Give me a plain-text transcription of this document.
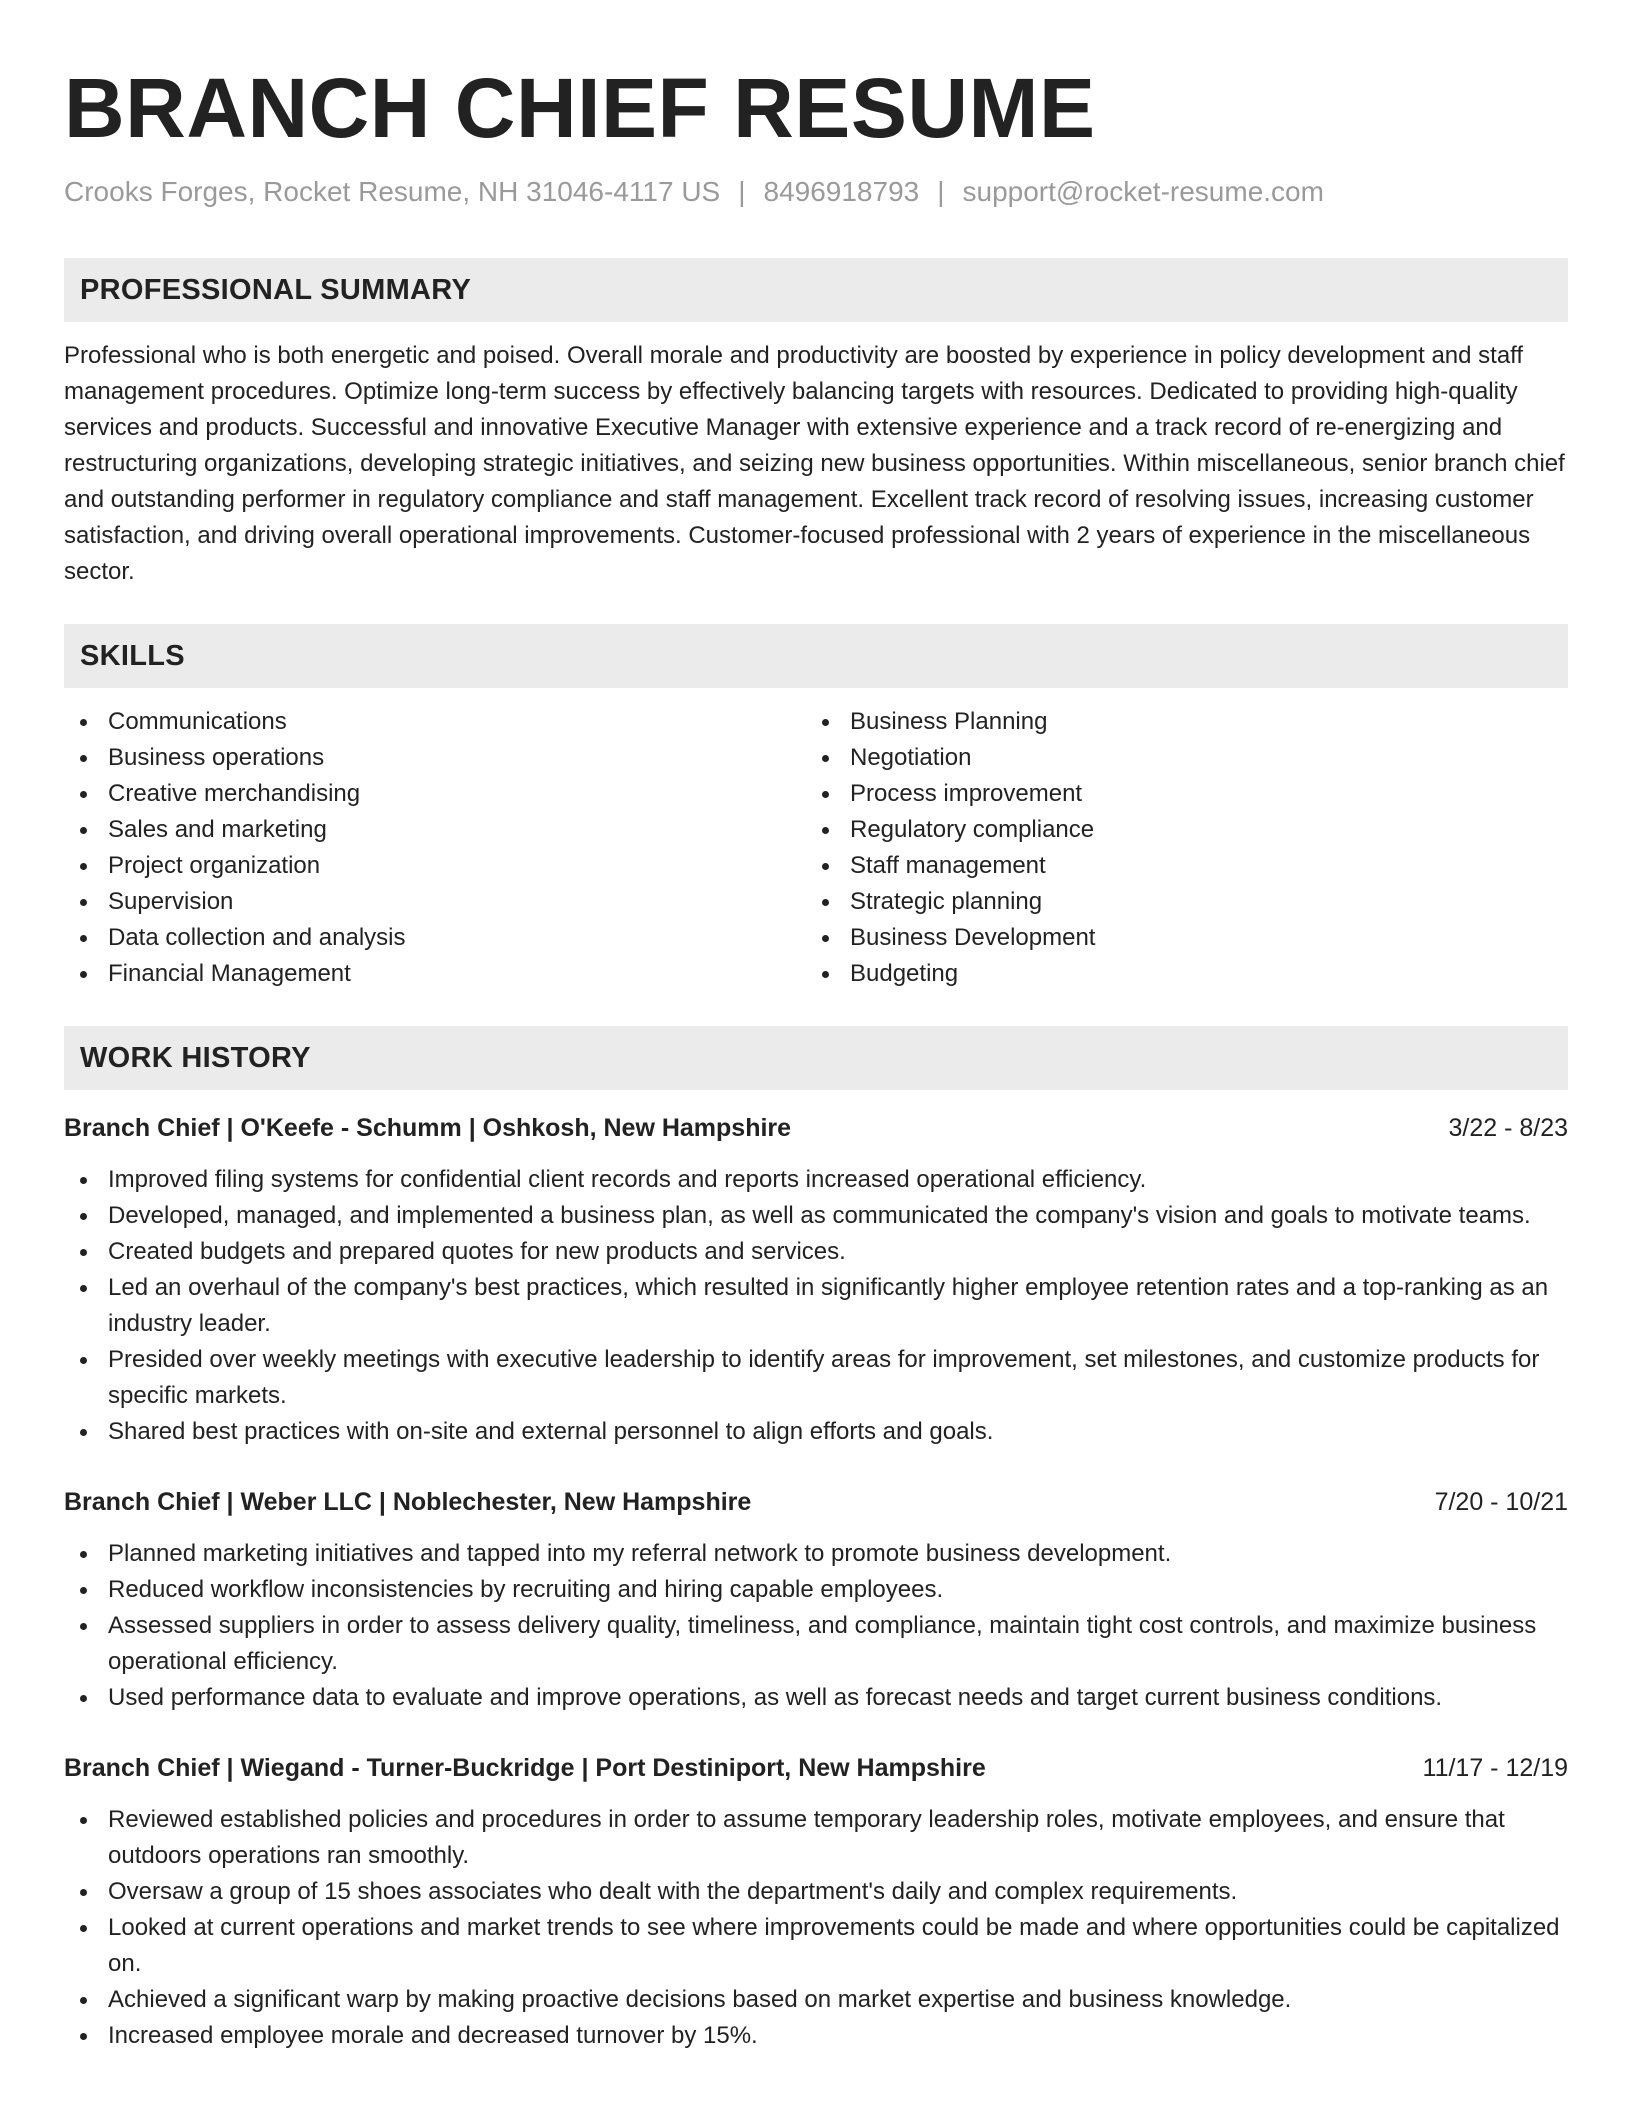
BRANCH CHIEF RESUME
Crooks Forges, Rocket Resume, NH 31046-4117 US | 8496918793 | support@rocket-resume.com
PROFESSIONAL SUMMARY

Professional who is both energetic and poised. Overall morale and productivity are boosted by experience in policy development and staff management procedures. Optimize long-term success by effectively balancing targets with resources. Dedicated to providing high-quality services and products. Successful and innovative Executive Manager with extensive experience and a track record of re-energizing and restructuring organizations, developing strategic initiatives, and seizing new business opportunities. Within miscellaneous, senior branch chief and outstanding performer in regulatory compliance and staff management. Excellent track record of resolving issues, increasing customer satisfaction, and driving overall operational improvements. Customer-focused professional with 2 years of experience in the miscellaneous sector.

SKILLS
Communications
Business operations
Creative merchandising
Sales and marketing
Project organization
Supervision
Data collection and analysis
Financial Management
Business Planning
Negotiation
Process improvement
Regulatory compliance
Staff management
Strategic planning
Business Development
Budgeting
WORK HISTORY
Branch Chief | O'Keefe - Schumm | Oshkosh, New Hampshire	3/22 - 8/23
Improved filing systems for confidential client records and reports increased operational efficiency.
Developed, managed, and implemented a business plan, as well as communicated the company's vision and goals to motivate teams.
Created budgets and prepared quotes for new products and services.
Led an overhaul of the company's best practices, which resulted in significantly higher employee retention rates and a top-ranking as an industry leader.
Presided over weekly meetings with executive leadership to identify areas for improvement, set milestones, and customize products for specific markets.
Shared best practices with on-site and external personnel to align efforts and goals.
Branch Chief | Weber LLC | Noblechester, New Hampshire	7/20 - 10/21
Planned marketing initiatives and tapped into my referral network to promote business development.
Reduced workflow inconsistencies by recruiting and hiring capable employees.
Assessed suppliers in order to assess delivery quality, timeliness, and compliance, maintain tight cost controls, and maximize business operational efficiency.
Used performance data to evaluate and improve operations, as well as forecast needs and target current business conditions.
Branch Chief | Wiegand - Turner-Buckridge | Port Destiniport, New Hampshire	11/17 - 12/19
Reviewed established policies and procedures in order to assume temporary leadership roles, motivate employees, and ensure that outdoors operations ran smoothly.
Oversaw a group of 15 shoes associates who dealt with the department's daily and complex requirements.
Looked at current operations and market trends to see where improvements could be made and where opportunities could be capitalized on.
Achieved a significant warp by making proactive decisions based on market expertise and business knowledge.
Increased employee morale and decreased turnover by 15%.
